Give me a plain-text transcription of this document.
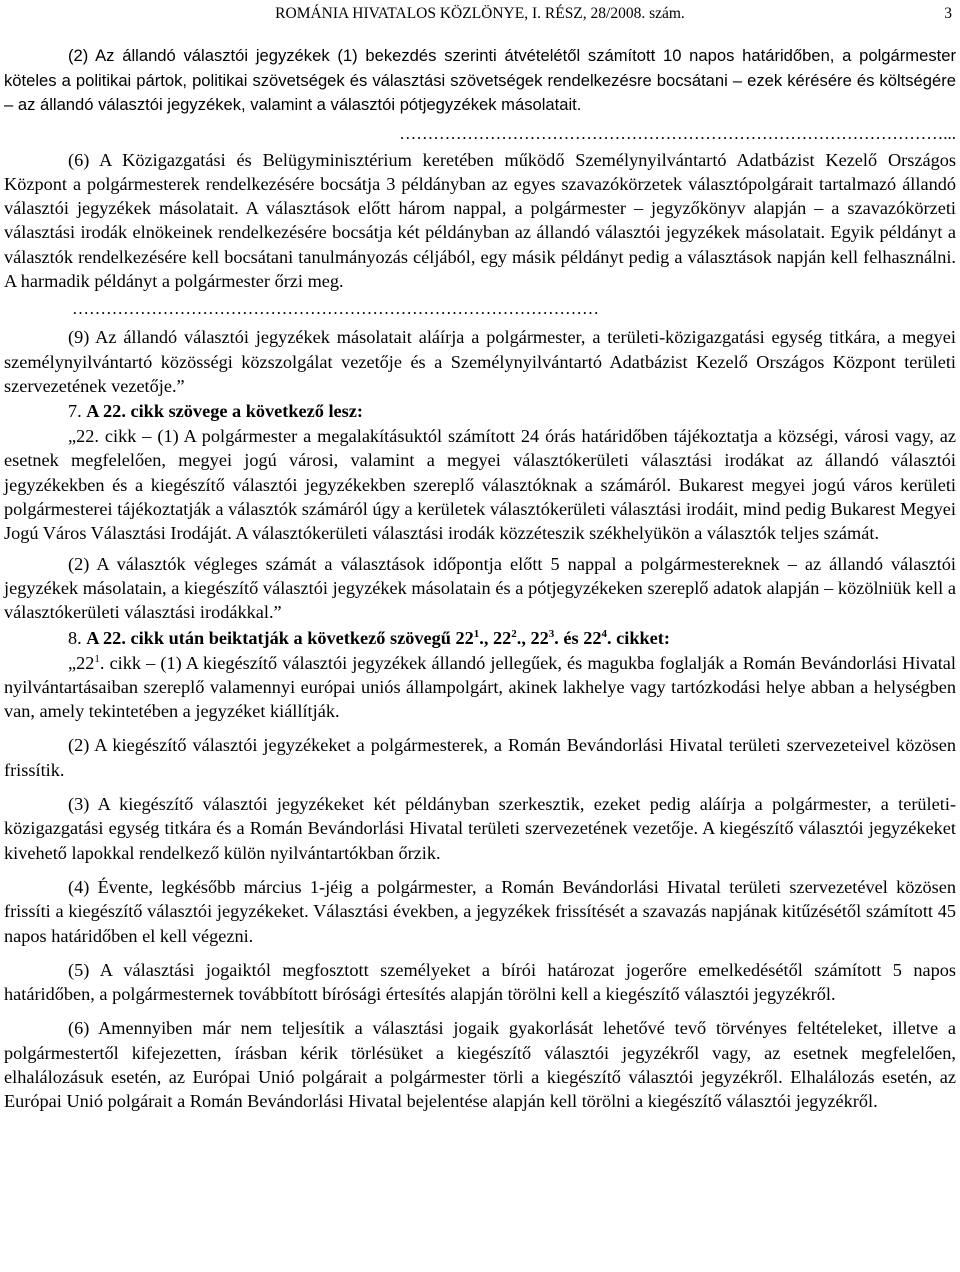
ROMÁNIA HIVATALOS KÖZLÖNYE, I. RÉSZ, 28/2008. szám.	3

(2) Az állandó választói jegyzékek (1) bekezdés szerinti átvételétől számított 10 napos határidőben, a polgármester köteles a politikai pártok, politikai szövetségek és választási szövetségek rendelkezésre bocsátani – ezek kérésére és költségére – az állandó választói jegyzékek, valamint a választói pótjegyzékek másolatait.

……………………………………………………………………………………...

(6) A Közigazgatási és Belügyminisztérium keretében működő Személynyilvántartó Adatbázist Kezelő Országos Központ a polgármesterek rendelkezésére bocsátja 3 példányban az egyes szavazókörzetek választópolgárait tartalmazó állandó választói jegyzékek másolatait. A választások előtt három nappal, a polgármester – jegyzőkönyv alapján – a szavazókörzeti választási irodák elnökeinek rendelkezésére bocsátja két példányban az állandó választói jegyzékek másolatait. Egyik példányt a választók rendelkezésére kell bocsátani tanulmányozás céljából, egy másik példányt pedig a választások napján kell felhasználni. A harmadik példányt a polgármester őrzi meg.

…………………………………………………………………………………

(9) Az állandó választói jegyzékek másolatait aláírja a polgármester, a területi-közigazgatási egység titkára, a megyei személynyilvántartó közösségi közszolgálat vezetője és a Személynyilvántartó Adatbázist Kezelő Országos Központ területi szervezetének vezetője.”

7. A 22. cikk szövege a következő lesz:

„22. cikk – (1) A polgármester a megalakításuktól számított 24 órás határidőben tájékoztatja a községi, városi vagy, az esetnek megfelelően, megyei jogú városi, valamint a megyei választókerületi választási irodákat az állandó választói jegyzékekben és a kiegészítő választói jegyzékekben szereplő választóknak a számáról. Bukarest megyei jogú város kerületi polgármesterei tájékoztatják a választók számáról úgy a kerületek választókerületi választási irodáit, mind pedig Bukarest Megyei Jogú Város Választási Irodáját. A választókerületi választási irodák közzéteszik székhelyükön a választók teljes számát.

(2) A választók végleges számát a választások időpontja előtt 5 nappal a polgármestereknek – az állandó választói jegyzékek másolatain, a kiegészítő választói jegyzékek másolatain és a pótjegyzékeken szereplő adatok alapján – közölniük kell a választókerületi választási irodákkal.”

8. A 22. cikk után beiktatják a következő szövegű $22^1$., $22^2$., $22^3$. és $22^4$. cikket:

$„22^1$. cikk – (1) A kiegészítő választói jegyzékek állandó jellegűek, és magukba foglalják a Román Bevándorlási Hivatal nyilvántartásaiban szereplő valamennyi európai uniós állampolgárt, akinek lakhelye vagy tartózkodási helye abban a helységben van, amely tekintetében a jegyzéket kiállítják.

(2) A kiegészítő választói jegyzékeket a polgármesterek, a Román Bevándorlási Hivatal területi szervezeteivel közösen frissítik.

(3) A kiegészítő választói jegyzékeket két példányban szerkesztik, ezeket pedig aláírja a polgármester, a területi-közigazgatási egység titkára és a Román Bevándorlási Hivatal területi szervezetének vezetője. A kiegészítő választói jegyzékeket kivehető lapokkal rendelkező külön nyilvántartókban őrzik.

(4) Évente, legkésőbb március 1-jéig a polgármester, a Román Bevándorlási Hivatal területi szervezetével közösen frissíti a kiegészítő választói jegyzékeket. Választási években, a jegyzékek frissítését a szavazás napjának kitűzésétől számított 45 napos határidőben el kell végezni.

(5) A választási jogaiktól megfosztott személyeket a bírói határozat jogerőre emelkedésétől számított 5 napos határidőben, a polgármesternek továbbított bírósági értesítés alapján törölni kell a kiegészítő választói jegyzékről.

(6) Amennyiben már nem teljesítik a választási jogaik gyakorlását lehetővé tevő törvényes feltételeket, illetve a polgármestertől kifejezetten, írásban kérik törlésüket a kiegészítő választói jegyzékről vagy, az esetnek megfelelően, elhalálozásuk esetén, az Európai Unió polgárait a polgármester törli a kiegészítő választói jegyzékről. Elhalálozás esetén, az Európai Unió polgárait a Román Bevándorlási Hivatal bejelentése alapján kell törölni a kiegészítő választói jegyzékről.
